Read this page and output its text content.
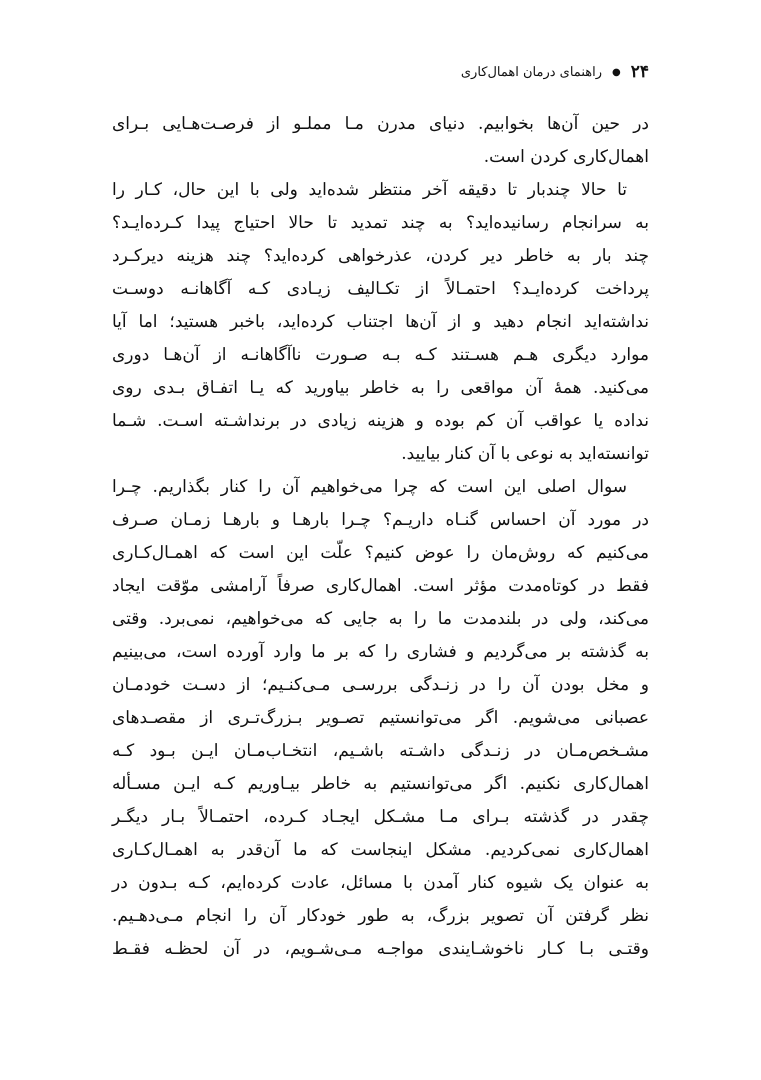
۲۴
●
راهنمای درمان اهمال‌کاری

در حین آن‌ها بخوابیم. دنیای مدرن مـا مملـو از فرصـت‌هـایی بـرای
اهمال‌کاری کردن است.

تا حالا چندبار تا دقیقه آخر منتظر شده‌اید ولی با این حال، کـار را
به سرانجام رسانیده‌اید؟ به چند تمدید تا حالا احتیاج پیدا کـرده‌ایـد؟
چند بار به خاطر دیر کردن، عذرخواهی کرده‌اید؟ چند هزینه دیرکـرد
پرداخت کرده‌ایـد؟ احتمـالاً از تکـالیف زیـادی کـه آگاهانـه دوسـت
نداشته‌اید انجام دهید و از آن‌ها اجتناب کرده‌اید، باخبر هستید؛ اما آیا
موارد دیگری هـم هسـتند کـه بـه صـورت ناآگاهانـه از آن‌هـا دوری
می‌کنید. همهٔ آن مواقعی را به خاطر بیاورید که یـا اتفـاق بـدی روی
نداده یا عواقب آن کم بوده و هزینه زیادی در برنداشـته اسـت. شـما
توانسته‌اید به نوعی با آن کنار بیایید.

سوال اصلی این است که چرا می‌خواهیم آن را کنار بگذاریم. چـرا
در مورد آن احساس گنـاه داریـم؟ چـرا بارهـا و بارهـا زمـان صـرف
می‌کنیم که روش‌مان را عوض کنیم؟ علّت این است که اهمـال‌کـاری
فقط در کوتاه‌مدت مؤثر است. اهمال‌کاری صرفاً آرامشی موّقت ایجاد
می‌کند، ولی در بلندمدت ما را به جایی که می‌خواهیم، نمی‌برد. وقتی
به گذشته بر می‌گردیم و فشاری را که بر ما وارد آورده است، می‌بینیم
و مخل بودن آن را در زنـدگی بررسـی مـی‌کنـیم؛ از دسـت خودمـان
عصبانی می‌شویم. اگر می‌توانستیم تصـویر بـزرگ‌تـری از مقصـدهای
مشـخص‌مـان در زنـدگی داشـته باشـیم، انتخـاب‌مـان ایـن بـود کـه
اهمال‌کاری نکنیم. اگر می‌توانستیم به خاطر بیـاوریم کـه ایـن مسـأله
چقدر در گذشته بـرای مـا مشـکل ایجـاد کـرده، احتمـالاً بـار دیگـر
اهمال‌کاری نمی‌کردیم. مشکل اینجاست که ما آن‌قدر به اهمـال‌کـاری
به عنوان یک شیوه کنار آمدن با مسائل، عادت کرده‌ایم، کـه بـدون در
نظر گرفتن آن تصویر بزرگ، به طور خودکار آن را انجام مـی‌دهـیم.
وقتـی بـا کـار ناخوشـایندی مواجـه مـی‌شـویم، در آن لحظـه فقـط
